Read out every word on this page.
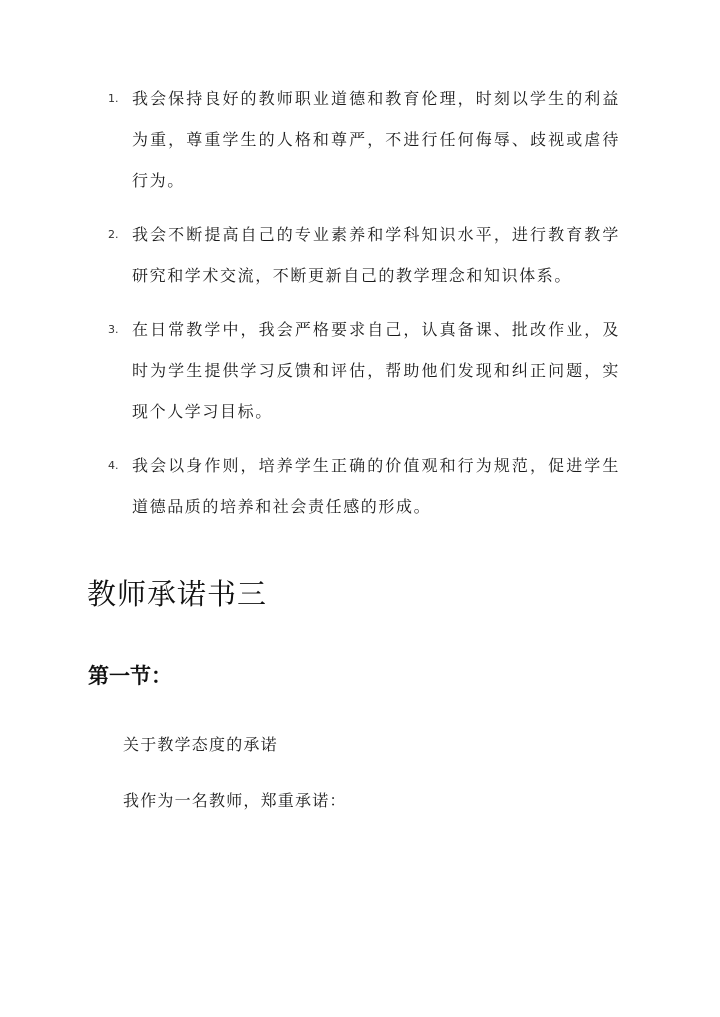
1. 我会保持良好的教师职业道德和教育伦理，时刻以学生的利益为重，尊重学生的人格和尊严，不进行任何侮辱、歧视或虐待行为。
2. 我会不断提高自己的专业素养和学科知识水平，进行教育教学研究和学术交流，不断更新自己的教学理念和知识体系。
3. 在日常教学中，我会严格要求自己，认真备课、批改作业，及时为学生提供学习反馈和评估，帮助他们发现和纠正问题，实现个人学习目标。
4. 我会以身作则，培养学生正确的价值观和行为规范，促进学生道德品质的培养和社会责任感的形成。
教师承诺书三
第一节：

关于教学态度的承诺

我作为一名教师，郑重承诺：
